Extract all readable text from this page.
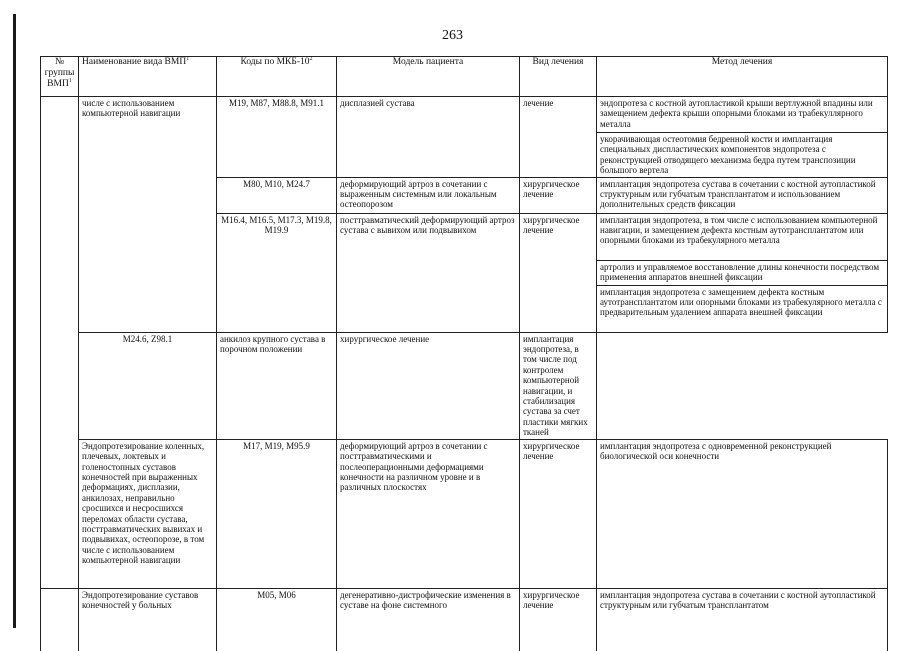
263
№ группы ВМП$^1$	Наименование вида ВМП$^1$	Коды по МКБ-$10^2$	Модель пациента	Вид лечения	Метод лечения
	числе с использованием компьютерной навигации	M19, M87, M88.8, M91.1	дисплазией сустава	лечение	эндопротеза с костной аутопластикой крыши вертлужной впадины или замещением дефекта крыши опорными блоками из трабекуллярного металла
					укорачивающая остеотомия бедренной кости и имплантация специальных диспластических компонентов эндопротеза с реконструкцией отводящего механизма бедра путем транспозиции большого вертела
		M80, M10, M24.7	деформирующий артроз в сочетании с выраженным системным или локальным остеопорозом	хирургическое лечение	имплантация эндопротеза сустава в сочетании с костной аутопластикой структурным или губчатым трансплантатом и использованием дополнительных средств фиксации
		M16.4, M16.5, M17.3, M19.8, M19.9	посттравматический деформирующий артроз сустава с вывихом или подвывихом	хирургическое лечение	имплантация эндопротеза, в том числе с использованием компьютерной навигации, и замещением дефекта костным аутотрансплантатом или опорными блоками из трабекулярного металла
					артролиз и управляемое восстановление длины конечности посредством применения аппаратов внешней фиксации
					имплантация эндопротеза с замещением дефекта костным аутотрансплантатом или опорными блоками из трабекулярного металла с предварительным удалением аппарата внешней фиксации
	M24.6, Z98.1	анкилоз крупного сустава в порочном положении	хирургическое лечение	имплантация эндопротеза, в том числе под контролем компьютерной навигации, и стабилизация сустава за счет пластики мягких тканей	
	Эндопротезирование коленных, плечевых, локтевых и голеностопных суставов конечностей при выраженных деформациях, дисплазии, анкилозах, неправильно сросшихся и несросшихся переломах области сустава, посттравматических вывихах и подвывихах, остеопорозе, в том числе с использованием компьютерной навигации	M17, M19, M95.9	деформирующий артроз в сочетании с посттравматическими и послеоперационными деформациями конечности на различном уровне и в различных плоскостях	хирургическое лечение	имплантация эндопротеза с одновременной реконструкцией биологической оси конечности
	Эндопротезирование суставов конечностей у больных	M05, M06	дегенеративно-дистрофические изменения в суставе на фоне системного	хирургическое лечение	имплантация эндопротеза сустава в сочетании с костной аутопластикой структурным или губчатым трансплантатом
